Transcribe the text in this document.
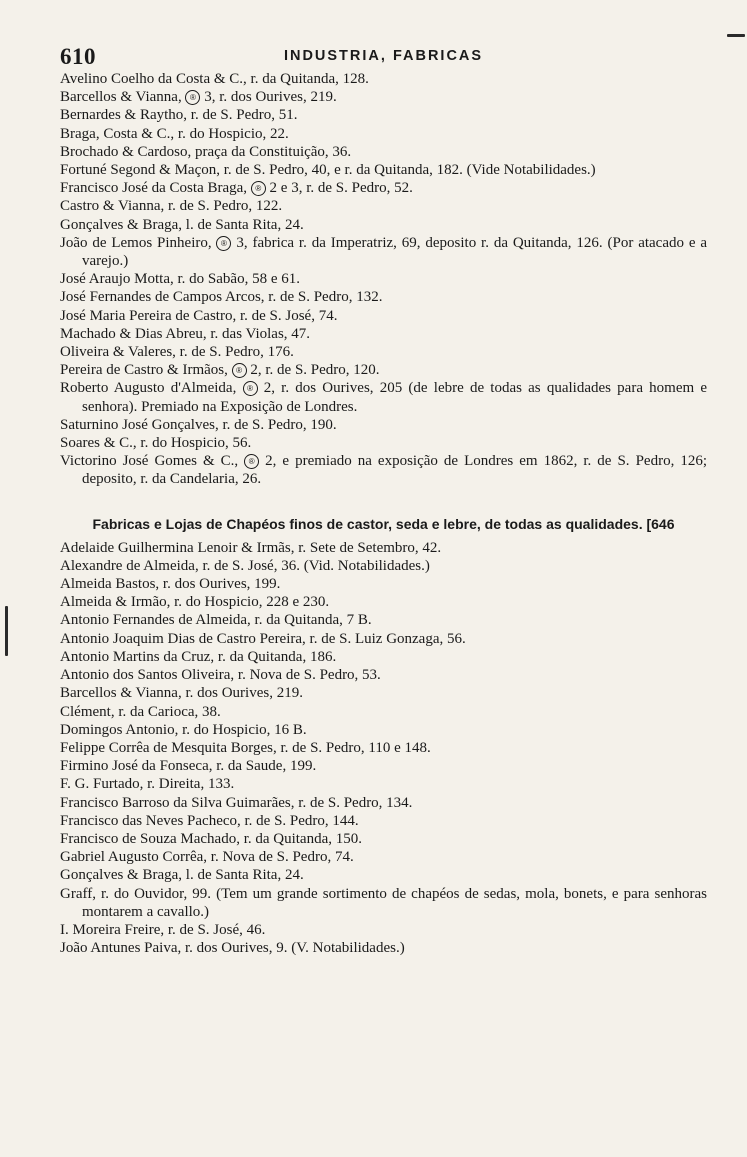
610	INDUSTRIA, FABRICAS
Avelino Coelho da Costa & C., r. da Quitanda, 128.
Barcellos & Vianna, ® 3, r. dos Ourives, 219.
Bernardes & Raytho, r. de S. Pedro, 51.
Braga, Costa & C., r. do Hospicio, 22.
Brochado & Cardoso, praça da Constituição, 36.
Fortuné Segond & Maçon, r. de S. Pedro, 40, e r. da Quitanda, 182. (Vide Notabilidades.)
Francisco José da Costa Braga, ® 2 e 3, r. de S. Pedro, 52.
Castro & Vianna, r. de S. Pedro, 122.
Gonçalves & Braga, l. de Santa Rita, 24.
João de Lemos Pinheiro, ® 3, fabrica r. da Imperatriz, 69, deposito r. da Quitanda, 126. (Por atacado e a varejo.)
José Araujo Motta, r. do Sabão, 58 e 61.
José Fernandes de Campos Arcos, r. de S. Pedro, 132.
José Maria Pereira de Castro, r. de S. José, 74.
Machado & Dias Abreu, r. das Violas, 47.
Oliveira & Valeres, r. de S. Pedro, 176.
Pereira de Castro & Irmãos, ® 2, r. de S. Pedro, 120.
Roberto Augusto d'Almeida, ® 2, r. dos Ourives, 205 (de lebre de todas as qualidades para homem e senhora). Premiado na Exposição de Londres.
Saturnino José Gonçalves, r. de S. Pedro, 190.
Soares & C., r. do Hospicio, 56.
Victorino José Gomes & C., ® 2, e premiado na exposição de Londres em 1862, r. de S. Pedro, 126; deposito, r. da Candelaria, 26.
Fabricas e Lojas de Chapéos finos de castor, seda e lebre, de todas as qualidades. [646
Adelaide Guilhermina Lenoir & Irmãs, r. Sete de Setembro, 42.
Alexandre de Almeida, r. de S. José, 36. (Vid. Notabilidades.)
Almeida Bastos, r. dos Ourives, 199.
Almeida & Irmão, r. do Hospicio, 228 e 230.
Antonio Fernandes de Almeida, r. da Quitanda, 7 B.
Antonio Joaquim Dias de Castro Pereira, r. de S. Luiz Gonzaga, 56.
Antonio Martins da Cruz, r. da Quitanda, 186.
Antonio dos Santos Oliveira, r. Nova de S. Pedro, 53.
Barcellos & Vianna, r. dos Ourives, 219.
Clément, r. da Carioca, 38.
Domingos Antonio, r. do Hospicio, 16 B.
Felippe Corrêa de Mesquita Borges, r. de S. Pedro, 110 e 148.
Firmino José da Fonseca, r. da Saude, 199.
F. G. Furtado, r. Direita, 133.
Francisco Barroso da Silva Guimarães, r. de S. Pedro, 134.
Francisco das Neves Pacheco, r. de S. Pedro, 144.
Francisco de Souza Machado, r. da Quitanda, 150.
Gabriel Augusto Corrêa, r. Nova de S. Pedro, 74.
Gonçalves & Braga, l. de Santa Rita, 24.
Graff, r. do Ouvidor, 99. (Tem um grande sortimento de chapéos de sedas, mola, bonets, e para senhoras montarem a cavallo.)
I. Moreira Freire, r. de S. José, 46.
João Antunes Paiva, r. dos Ourives, 9. (V. Notabilidades.)
